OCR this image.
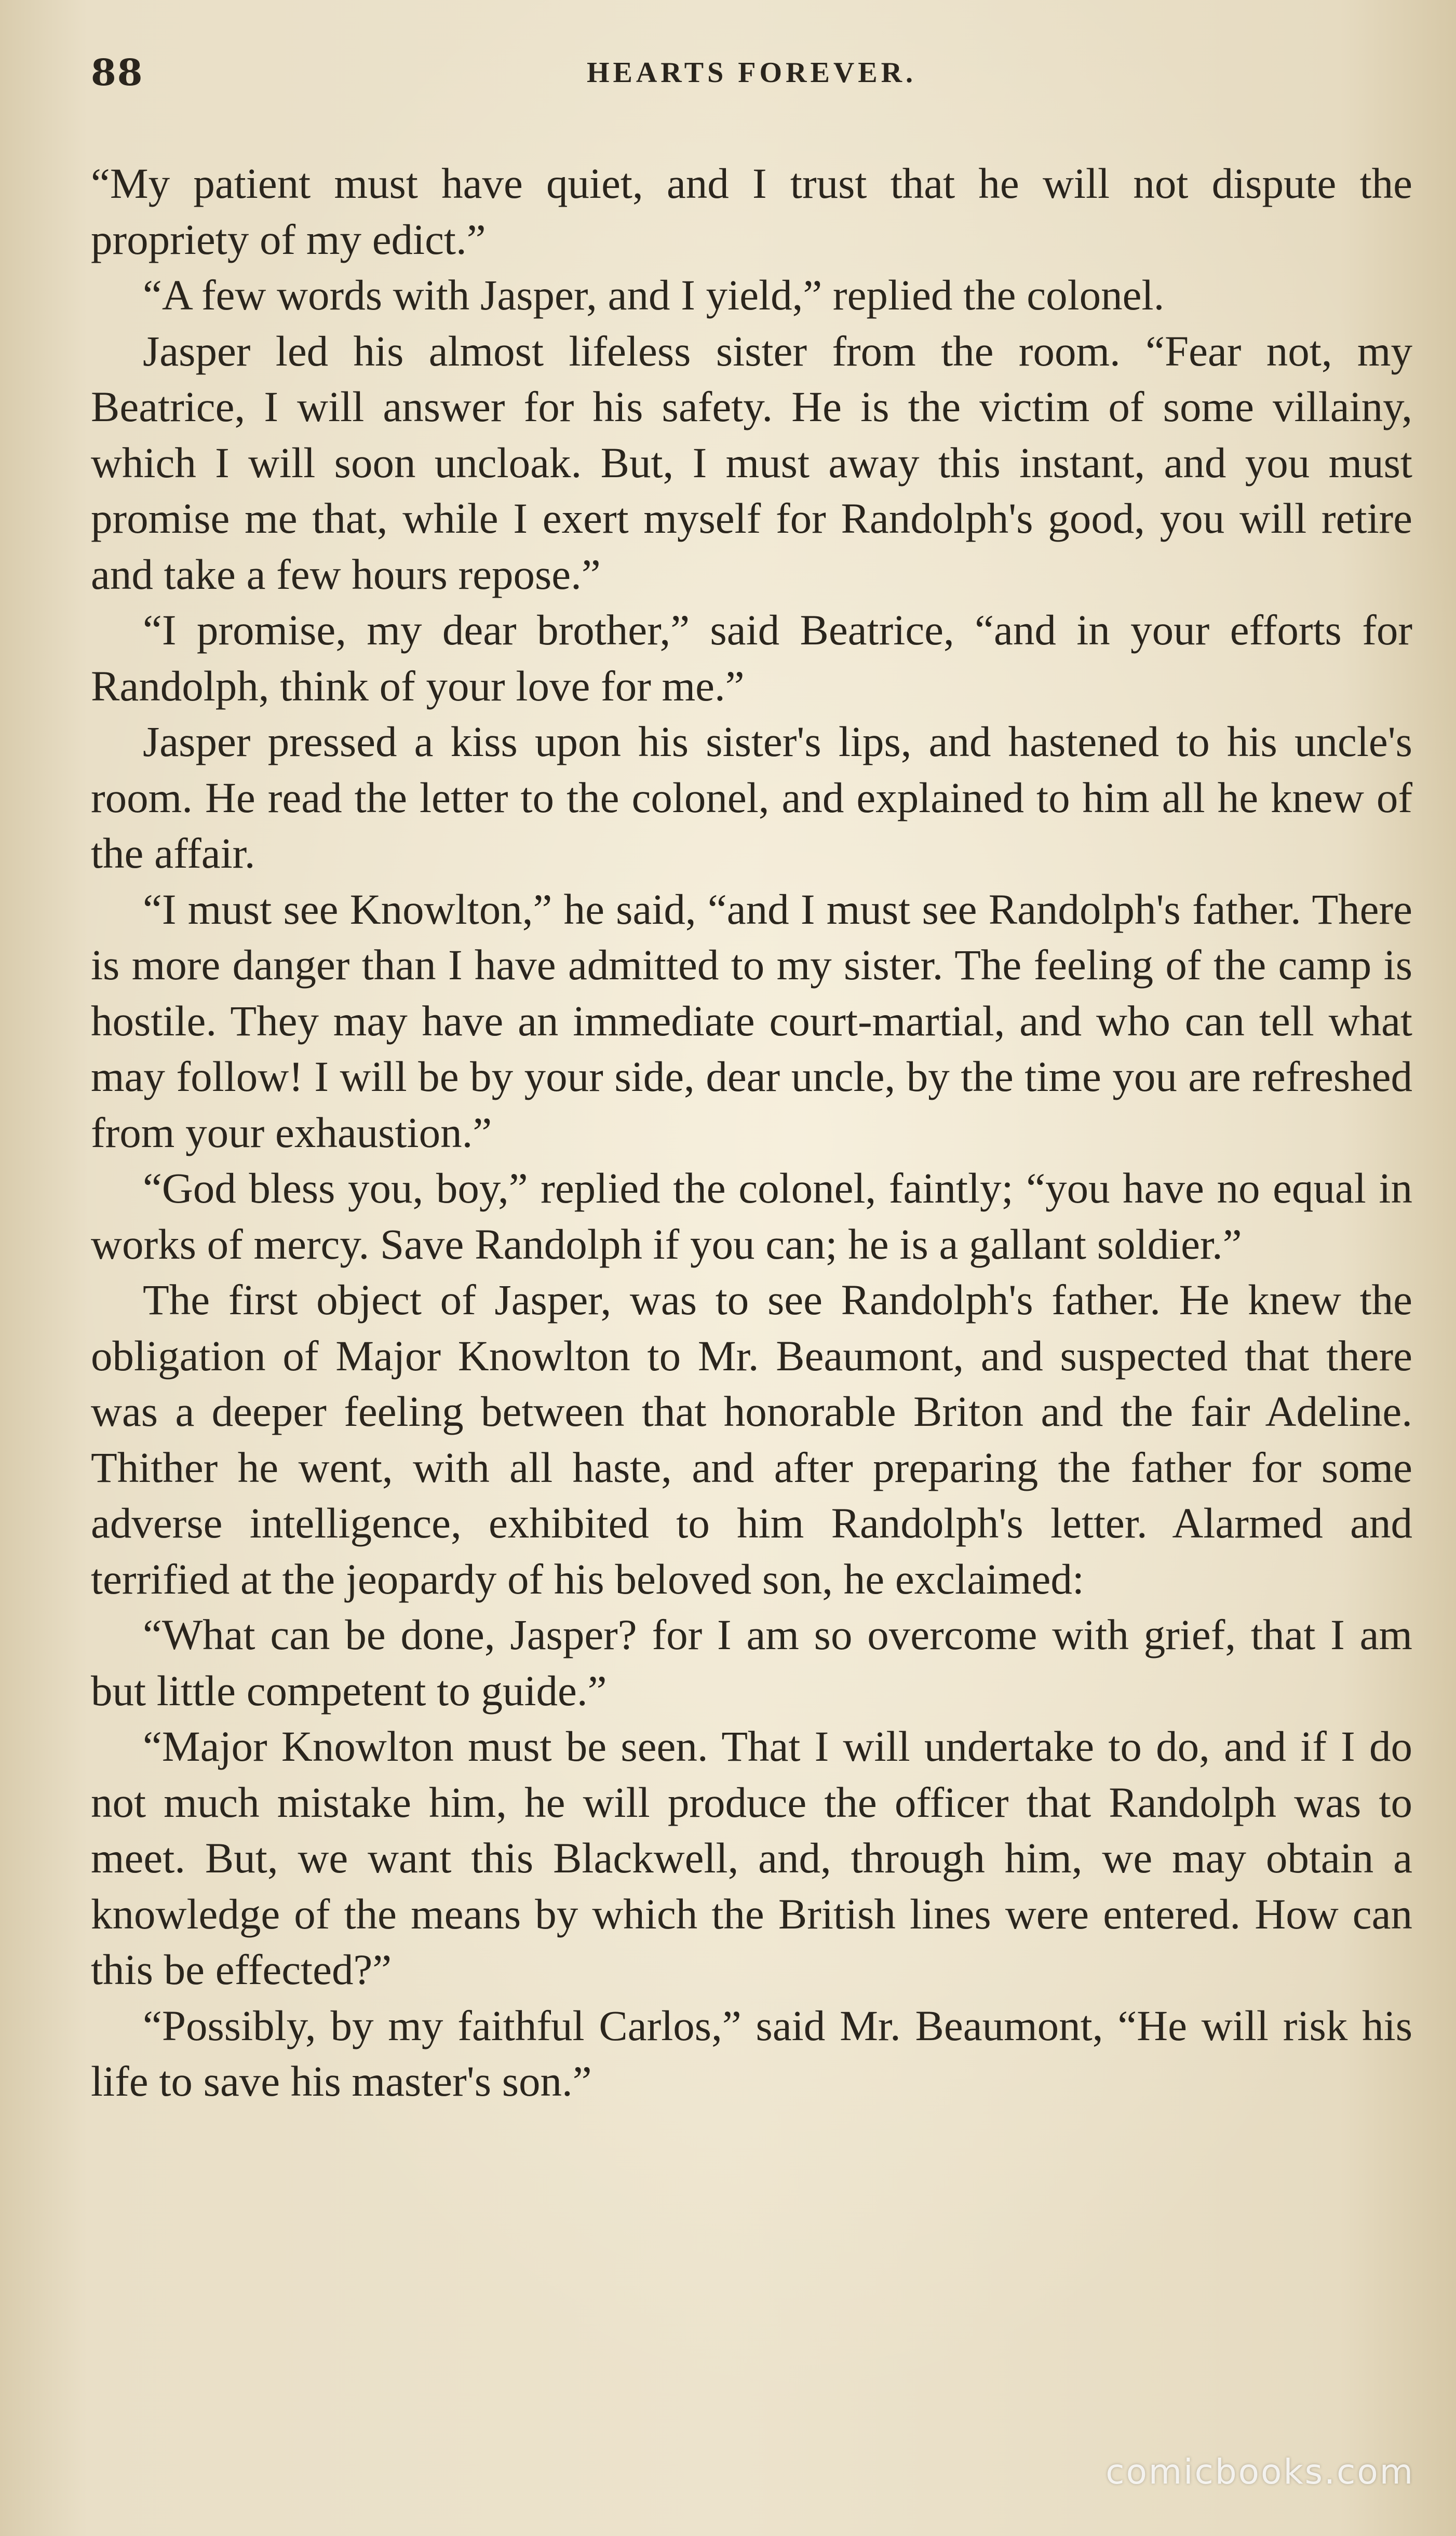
88	HEARTS FOREVER.

“My patient must have quiet, and I trust that he will not dispute the propriety of my edict.”

“A few words with Jasper, and I yield,” replied the colonel.

Jasper led his almost lifeless sister from the room. “Fear not, my Beatrice, I will answer for his safety. He is the victim of some villainy, which I will soon uncloak. But, I must away this instant, and you must promise me that, while I exert myself for Randolph's good, you will retire and take a few hours repose.”

“I promise, my dear brother,” said Beatrice, “and in your efforts for Randolph, think of your love for me.”

Jasper pressed a kiss upon his sister's lips, and hastened to his uncle's room. He read the letter to the colonel, and explained to him all he knew of the affair.

“I must see Knowlton,” he said, “and I must see Randolph's father. There is more danger than I have admitted to my sister. The feeling of the camp is hostile. They may have an immediate court-martial, and who can tell what may follow! I will be by your side, dear uncle, by the time you are refreshed from your exhaustion.”

“God bless you, boy,” replied the colonel, faintly; “you have no equal in works of mercy. Save Randolph if you can; he is a gallant soldier.”

The first object of Jasper, was to see Randolph's father. He knew the obligation of Major Knowlton to Mr. Beaumont, and suspected that there was a deeper feeling between that honorable Briton and the fair Adeline. Thither he went, with all haste, and after preparing the father for some adverse intelligence, exhibited to him Randolph's letter. Alarmed and terrified at the jeopardy of his beloved son, he exclaimed:

“What can be done, Jasper? for I am so overcome with grief, that I am but little competent to guide.”

“Major Knowlton must be seen. That I will undertake to do, and if I do not much mistake him, he will produce the officer that Randolph was to meet. But, we want this Blackwell, and, through him, we may obtain a knowledge of the means by which the British lines were entered. How can this be effected?”

“Possibly, by my faithful Carlos,” said Mr. Beaumont, “He will risk his life to save his master's son.”

comicbooks.com
